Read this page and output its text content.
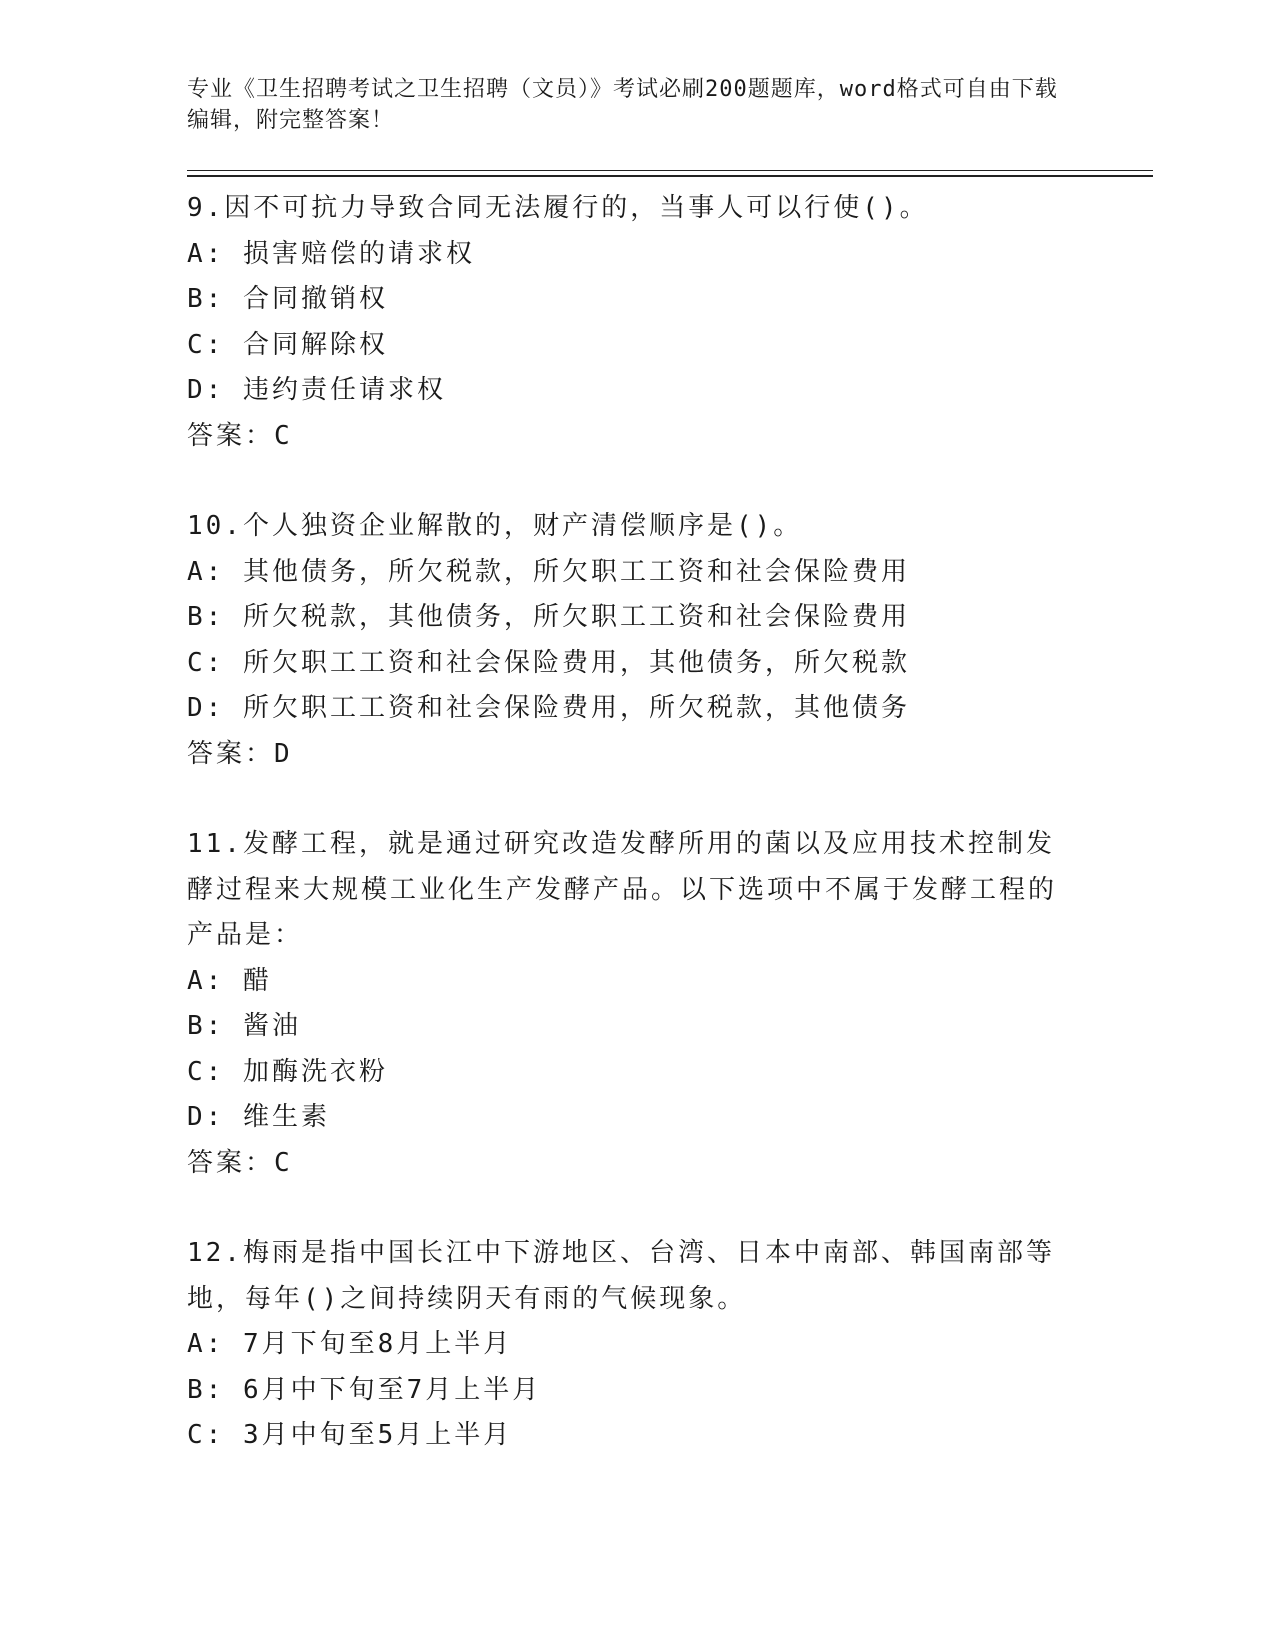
专业《卫生招聘考试之卫生招聘（文员）》考试必刷200题题库，word格式可自由下载编辑，附完整答案！
9.因不可抗力导致合同无法履行的，当事人可以行使()。
A: 损害赔偿的请求权
B: 合同撤销权
C: 合同解除权
D: 违约责任请求权
答案：C
10.个人独资企业解散的，财产清偿顺序是()。
A: 其他债务，所欠税款，所欠职工工资和社会保险费用
B: 所欠税款，其他债务，所欠职工工资和社会保险费用
C: 所欠职工工资和社会保险费用，其他债务，所欠税款
D: 所欠职工工资和社会保险费用，所欠税款，其他债务
答案：D
11.发酵工程，就是通过研究改造发酵所用的菌以及应用技术控制发酵过程来大规模工业化生产发酵产品。以下选项中不属于发酵工程的产品是：
A: 醋
B: 酱油
C: 加酶洗衣粉
D: 维生素
答案：C
12.梅雨是指中国长江中下游地区、台湾、日本中南部、韩国南部等地，每年()之间持续阴天有雨的气候现象。
A: 7月下旬至8月上半月
B: 6月中下旬至7月上半月
C: 3月中旬至5月上半月
